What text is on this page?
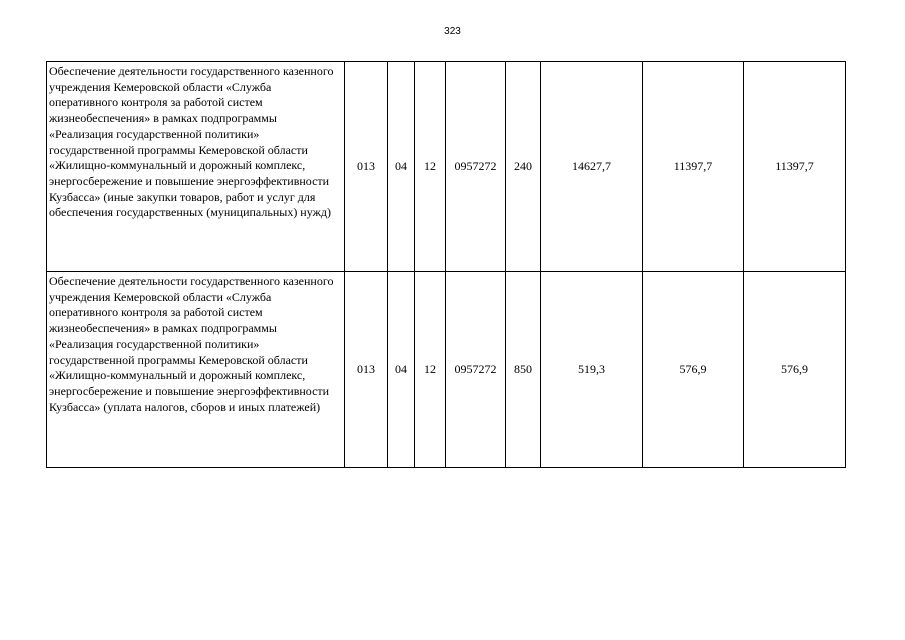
323
Обеспечение деятельности государственного казенного учреждения Кемеровской области «Служба оперативного контроля за работой систем жизнеобеспечения» в рамках подпрограммы «Реализация государственной политики» государственной программы Кемеровской области «Жилищно-коммунальный и дорожный комплекс, энергосбережение и повышение энергоэффективности Кузбасса» (иные закупки товаров, работ и услуг для обеспечения государственных (муниципальных) нужд)	013	04	12	0957272	240	14627,7	11397,7	11397,7
Обеспечение деятельности государственного казенного учреждения Кемеровской области «Служба оперативного контроля за работой систем жизнеобеспечения» в рамках подпрограммы «Реализация государственной политики» государственной программы Кемеровской области «Жилищно-коммунальный и дорожный комплекс, энергосбережение и повышение энергоэффективности Кузбасса» (уплата налогов, сборов и иных платежей)	013	04	12	0957272	850	519,3	576,9	576,9
